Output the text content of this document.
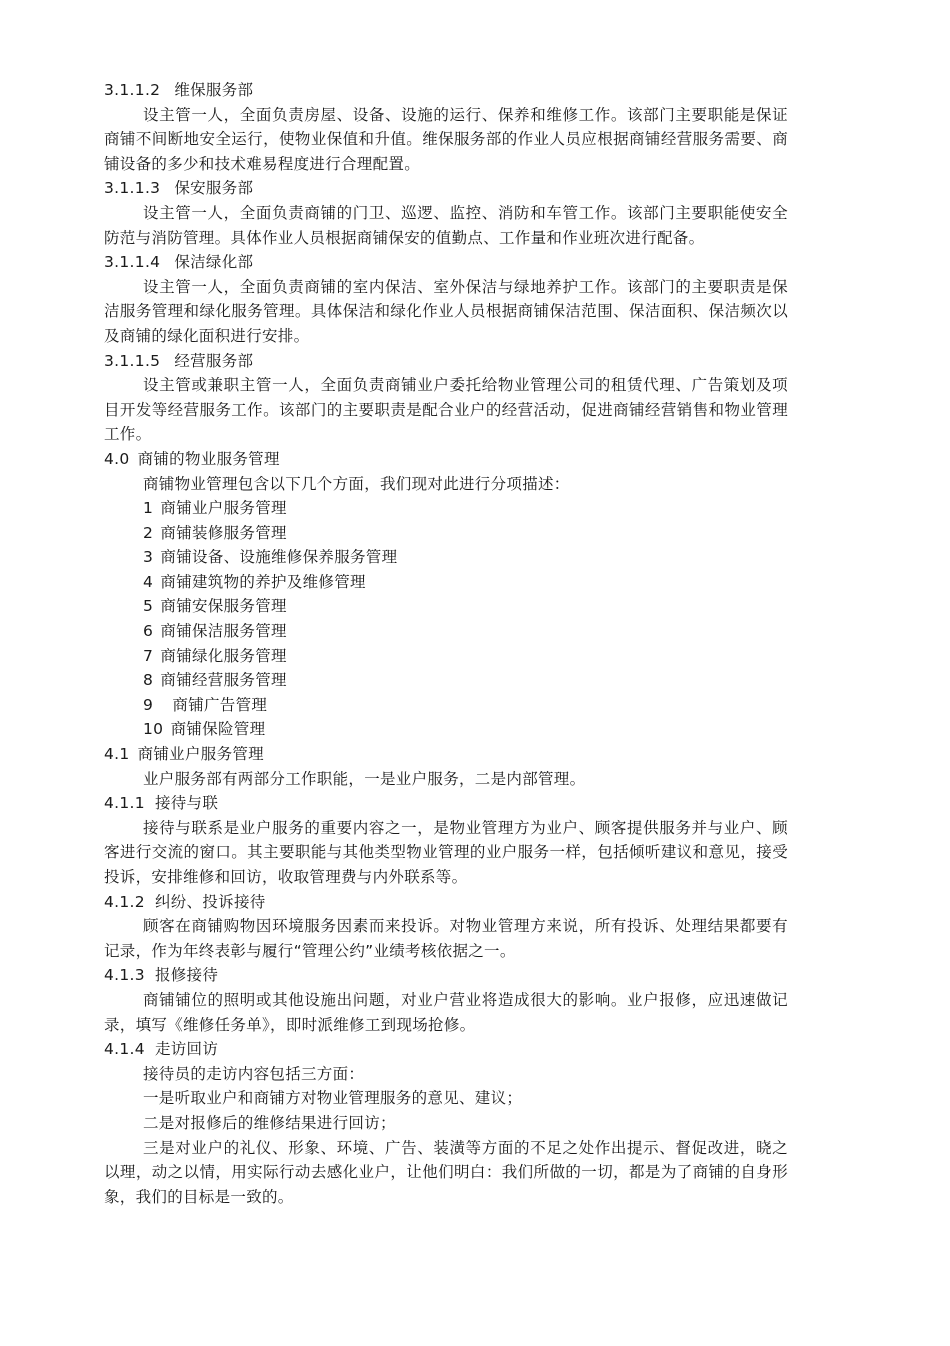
3.1.1.2 维保服务部

设主管一人，全面负责房屋、设备、设施的运行、保养和维修工作。该部门主要职能是保证商铺不间断地安全运行，使物业保值和升值。维保服务部的作业人员应根据商铺经营服务需要、商铺设备的多少和技术难易程度进行合理配置。

3.1.1.3 保安服务部

设主管一人，全面负责商铺的门卫、巡逻、监控、消防和车管工作。该部门主要职能使安全防范与消防管理。具体作业人员根据商铺保安的值勤点、工作量和作业班次进行配备。

3.1.1.4 保洁绿化部

设主管一人，全面负责商铺的室内保洁、室外保洁与绿地养护工作。该部门的主要职责是保洁服务管理和绿化服务管理。具体保洁和绿化作业人员根据商铺保洁范围、保洁面积、保洁频次以及商铺的绿化面积进行安排。

3.1.1.5 经营服务部

设主管或兼职主管一人，全面负责商铺业户委托给物业管理公司的租赁代理、广告策划及项目开发等经营服务工作。该部门的主要职责是配合业户的经营活动，促进商铺经营销售和物业管理工作。

4.0 商铺的物业服务管理

商铺物业管理包含以下几个方面，我们现对此进行分项描述：

1 商铺业户服务管理
2 商铺装修服务管理
3 商铺设备、设施维修保养服务管理
4 商铺建筑物的养护及维修管理
5 商铺安保服务管理
6 商铺保洁服务管理
7 商铺绿化服务管理
8 商铺经营服务管理
9 商铺广告管理
10 商铺保险管理
4.1 商铺业户服务管理

业户服务部有两部分工作职能，一是业户服务，二是内部管理。

4.1.1 接待与联

接待与联系是业户服务的重要内容之一，是物业管理方为业户、顾客提供服务并与业户、顾客进行交流的窗口。其主要职能与其他类型物业管理的业户服务一样，包括倾听建议和意见，接受投诉，安排维修和回访，收取管理费与内外联系等。

4.1.2 纠纷、投诉接待

顾客在商铺购物因环境服务因素而来投诉。对物业管理方来说，所有投诉、处理结果都要有记录，作为年终表彰与履行“管理公约”业绩考核依据之一。

4.1.3 报修接待

商铺铺位的照明或其他设施出问题，对业户营业将造成很大的影响。业户报修，应迅速做记录，填写《维修任务单》，即时派维修工到现场抢修。

4.1.4 走访回访

接待员的走访内容包括三方面：

一是听取业户和商铺方对物业管理服务的意见、建议；

二是对报修后的维修结果进行回访；

三是对业户的礼仪、形象、环境、广告、装潢等方面的不足之处作出提示、督促改进，晓之以理，动之以情，用实际行动去感化业户，让他们明白：我们所做的一切，都是为了商铺的自身形象，我们的目标是一致的。
